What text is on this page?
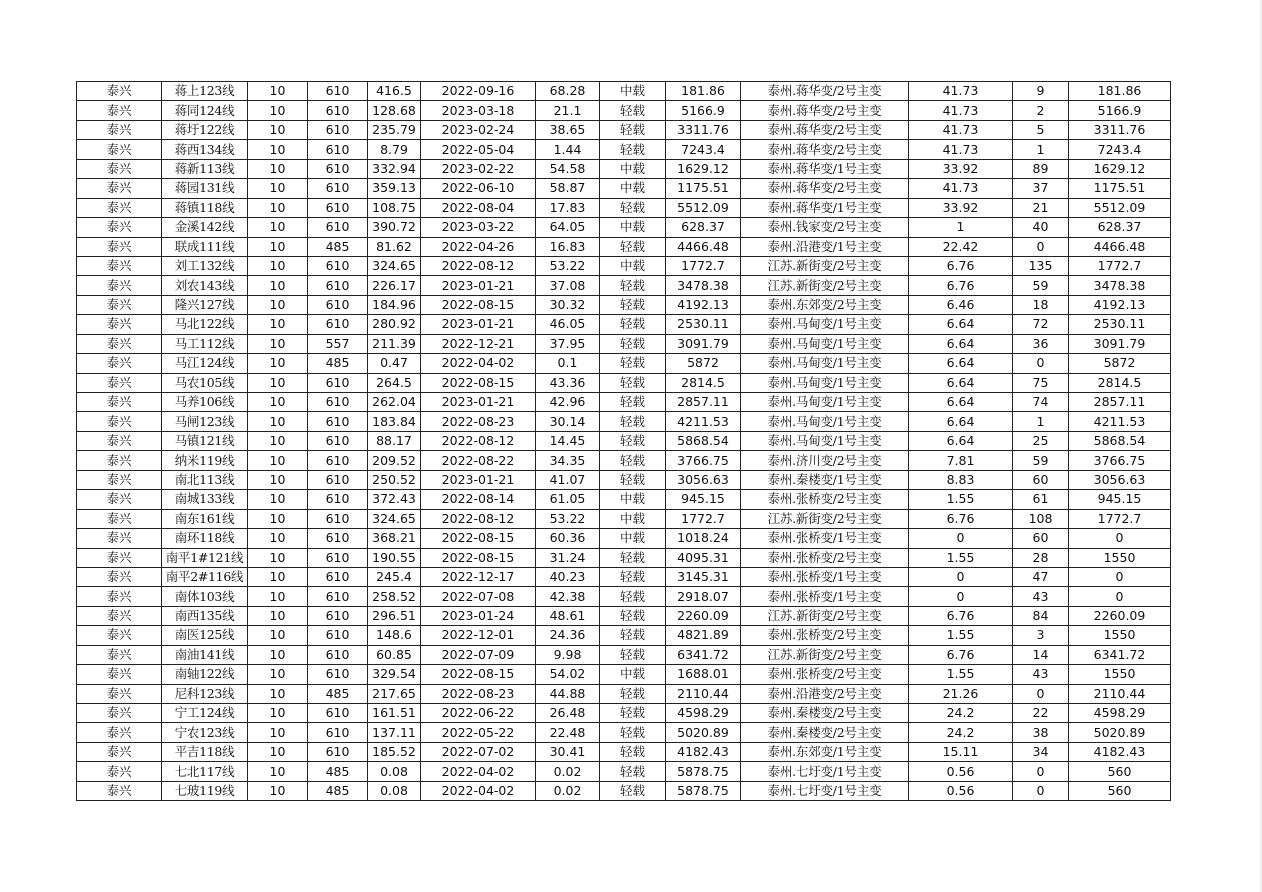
泰兴	蒋上123线	10	610	416.5	2022-09-16	68.28	中载	181.86	泰州.蒋华变/2号主变	41.73	9	181.86
泰兴	蒋同124线	10	610	128.68	2023-03-18	21.1	轻载	5166.9	泰州.蒋华变/2号主变	41.73	2	5166.9
泰兴	蒋圩122线	10	610	235.79	2023-02-24	38.65	轻载	3311.76	泰州.蒋华变/2号主变	41.73	5	3311.76
泰兴	蒋西134线	10	610	8.79	2022-05-04	1.44	轻载	7243.4	泰州.蒋华变/2号主变	41.73	1	7243.4
泰兴	蒋新113线	10	610	332.94	2023-02-22	54.58	中载	1629.12	泰州.蒋华变/1号主变	33.92	89	1629.12
泰兴	蒋园131线	10	610	359.13	2022-06-10	58.87	中载	1175.51	泰州.蒋华变/2号主变	41.73	37	1175.51
泰兴	蒋镇118线	10	610	108.75	2022-08-04	17.83	轻载	5512.09	泰州.蒋华变/1号主变	33.92	21	5512.09
泰兴	金溪142线	10	610	390.72	2023-03-22	64.05	中载	628.37	泰州.钱家变/2号主变	1	40	628.37
泰兴	联成111线	10	485	81.62	2022-04-26	16.83	轻载	4466.48	泰州.沿港变/1号主变	22.42	0	4466.48
泰兴	刘工132线	10	610	324.65	2022-08-12	53.22	中载	1772.7	江苏.新街变/2号主变	6.76	135	1772.7
泰兴	刘农143线	10	610	226.17	2023-01-21	37.08	轻载	3478.38	江苏.新街变/2号主变	6.76	59	3478.38
泰兴	隆兴127线	10	610	184.96	2022-08-15	30.32	轻载	4192.13	泰州.东郊变/2号主变	6.46	18	4192.13
泰兴	马北122线	10	610	280.92	2023-01-21	46.05	轻载	2530.11	泰州.马甸变/1号主变	6.64	72	2530.11
泰兴	马工112线	10	557	211.39	2022-12-21	37.95	轻载	3091.79	泰州.马甸变/1号主变	6.64	36	3091.79
泰兴	马江124线	10	485	0.47	2022-04-02	0.1	轻载	5872	泰州.马甸变/1号主变	6.64	0	5872
泰兴	马农105线	10	610	264.5	2022-08-15	43.36	轻载	2814.5	泰州.马甸变/1号主变	6.64	75	2814.5
泰兴	马养106线	10	610	262.04	2023-01-21	42.96	轻载	2857.11	泰州.马甸变/1号主变	6.64	74	2857.11
泰兴	马闸123线	10	610	183.84	2022-08-23	30.14	轻载	4211.53	泰州.马甸变/1号主变	6.64	1	4211.53
泰兴	马镇121线	10	610	88.17	2022-08-12	14.45	轻载	5868.54	泰州.马甸变/1号主变	6.64	25	5868.54
泰兴	纳米119线	10	610	209.52	2022-08-22	34.35	轻载	3766.75	泰州.济川变/2号主变	7.81	59	3766.75
泰兴	南北113线	10	610	250.52	2023-01-21	41.07	轻载	3056.63	泰州.秦楼变/1号主变	8.83	60	3056.63
泰兴	南城133线	10	610	372.43	2022-08-14	61.05	中载	945.15	泰州.张桥变/2号主变	1.55	61	945.15
泰兴	南东161线	10	610	324.65	2022-08-12	53.22	中载	1772.7	江苏.新街变/2号主变	6.76	108	1772.7
泰兴	南环118线	10	610	368.21	2022-08-15	60.36	中载	1018.24	泰州.张桥变/1号主变	0	60	0
泰兴	南平1#121线	10	610	190.55	2022-08-15	31.24	轻载	4095.31	泰州.张桥变/2号主变	1.55	28	1550
泰兴	南平2#116线	10	610	245.4	2022-12-17	40.23	轻载	3145.31	泰州.张桥变/1号主变	0	47	0
泰兴	南体103线	10	610	258.52	2022-07-08	42.38	轻载	2918.07	泰州.张桥变/1号主变	0	43	0
泰兴	南西135线	10	610	296.51	2023-01-24	48.61	轻载	2260.09	江苏.新街变/2号主变	6.76	84	2260.09
泰兴	南医125线	10	610	148.6	2022-12-01	24.36	轻载	4821.89	泰州.张桥变/2号主变	1.55	3	1550
泰兴	南油141线	10	610	60.85	2022-07-09	9.98	轻载	6341.72	江苏.新街变/2号主变	6.76	14	6341.72
泰兴	南轴122线	10	610	329.54	2022-08-15	54.02	中载	1688.01	泰州.张桥变/2号主变	1.55	43	1550
泰兴	尼科123线	10	485	217.65	2022-08-23	44.88	轻载	2110.44	泰州.沿港变/2号主变	21.26	0	2110.44
泰兴	宁工124线	10	610	161.51	2022-06-22	26.48	轻载	4598.29	泰州.秦楼变/2号主变	24.2	22	4598.29
泰兴	宁农123线	10	610	137.11	2022-05-22	22.48	轻载	5020.89	泰州.秦楼变/2号主变	24.2	38	5020.89
泰兴	平吉118线	10	610	185.52	2022-07-02	30.41	轻载	4182.43	泰州.东郊变/1号主变	15.11	34	4182.43
泰兴	七北117线	10	485	0.08	2022-04-02	0.02	轻载	5878.75	泰州.七圩变/1号主变	0.56	0	560
泰兴	七玻119线	10	485	0.08	2022-04-02	0.02	轻载	5878.75	泰州.七圩变/1号主变	0.56	0	560
